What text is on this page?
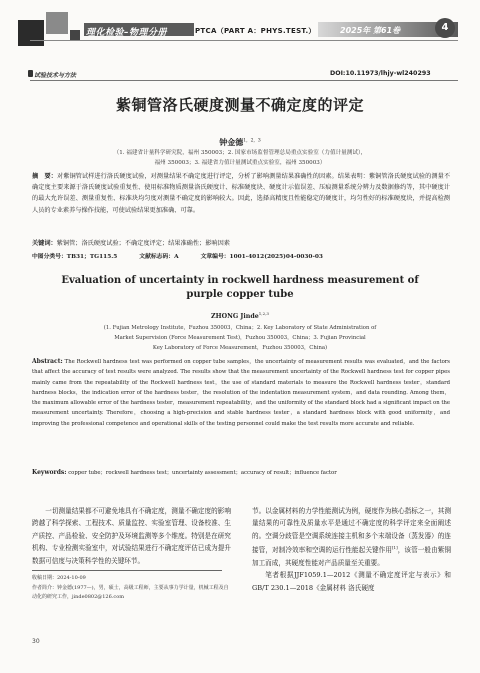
理化检验–物理分册	PTCA（PART A：PHYS.TEST.）	2025年 第61卷	4
试验技术与方法	DOI:10.11973/lhjy-wl240293
紫铜管洛氏硬度测量不确定度的评定
钟金德$^{1,2,3}$
（1. 福建省计量科学研究院，福州 350003；2. 国家市场监督管理总局重点实验室（力值计量测试），
福州 350003；3. 福建省力值计量测试重点实验室，福州 350003）
摘　要：对紫铜管试样进行洛氏硬度试验，对测量结果不确定度进行评定，分析了影响测量结果准确性的因素。结果表明：紫铜管洛氏硬度试验的测量不确定度主要来源于洛氏硬度试验重复性、使用标准物质测量洛氏硬度计、标准硬度块、硬度计示值误差、压痕测量系统分辨力及数据修约等，其中硬度计的最大允许误差、测量重复性、标准块均匀度对测量不确定度的影响较大。因此，选择高精度且性能稳定的硬度计，均匀性好的标准硬度块，并提高检测人员的专业素养与操作技能，可使试验结果更加准确、可靠。
关键词：紫铜管；洛氏硬度试验；不确定度评定；结果准确性；影响因素
中图分类号：TB31；TG115.5	文献标志码：A	文章编号：1001-4012(2025)04-0030-03
Evaluation of uncertainty in rockwell hardness measurement of
purple copper tube
ZHONG Jinde$^{1,2,3}$
(1. Fujian Metrology Institute，Fuzhou 350003，China；2. Key Laboratory of State Administration of
Market Supervision (Force Measurement Test)，Fuzhou 350003，China；3. Fujian Provincial
Key Laboratory of Force Measurement，Fuzhou 350003，China)
Abstract: The Rockwell hardness test was performed on copper tube samples，the uncertainty of measurement results was evaluated，and the factors that affect the accuracy of test results were analyzed. The results show that the measurement uncertainty of the Rockwell hardness test for copper pipes mainly came from the repeatability of the Rockwell hardness test，the use of standard materials to measure the Rockwell hardness tester，standard hardness blocks，the indication error of the hardness tester，the resolution of the indentation measurement system，and data rounding. Among them，the maximum allowable error of the hardness tester，measurement repeatability，and the uniformity of the standard block had a significant impact on the measurement uncertainty. Therefore，choosing a high-precision and stable hardness tester，a standard hardness block with good uniformity，and improving the professional competence and operational skills of the testing personnel could make the test results more accurate and reliable.
Keywords: copper tube；rockwell hardness test；uncertainty assessment；accuracy of result；influence factor

一切测量结果都不可避免地具有不确定度，测量不确定度的影响跨越了科学探索、工程技术、质量监控、实验室管理、设备校准、生产质控、产品检验、安全防护及环境监测等多个维度。特别是在研究机构、专业检测实验室中，对试验结果进行不确定度评估已成为提升数据可信度与决策科学性的关键环节。

节。以金属材料的力学性能测试为例，硬度作为核心指标之一，其测量结果的可靠性及质量水平是通过不确定度的科学评定来全面阐述的。空调分歧管是空调系统连接主机和多个末端设备（蒸发器）的连接管，对制冷效率和空调的运行性能起关键作用[1]，该管一般由紫铜加工而成，其硬度性能对产品质量至关重要。

笔者根据JJF1059.1—2012《测量不确定度评定与表示》和GB/T 230.1—2018《金属材料 洛氏硬度

收稿日期：2024-10-09
作者简介：钟金德(1977—)，男，硕士，高级工程师，主要从事力学计量，机械工程及自动化的研究工作，jinde0802@126.com
30
